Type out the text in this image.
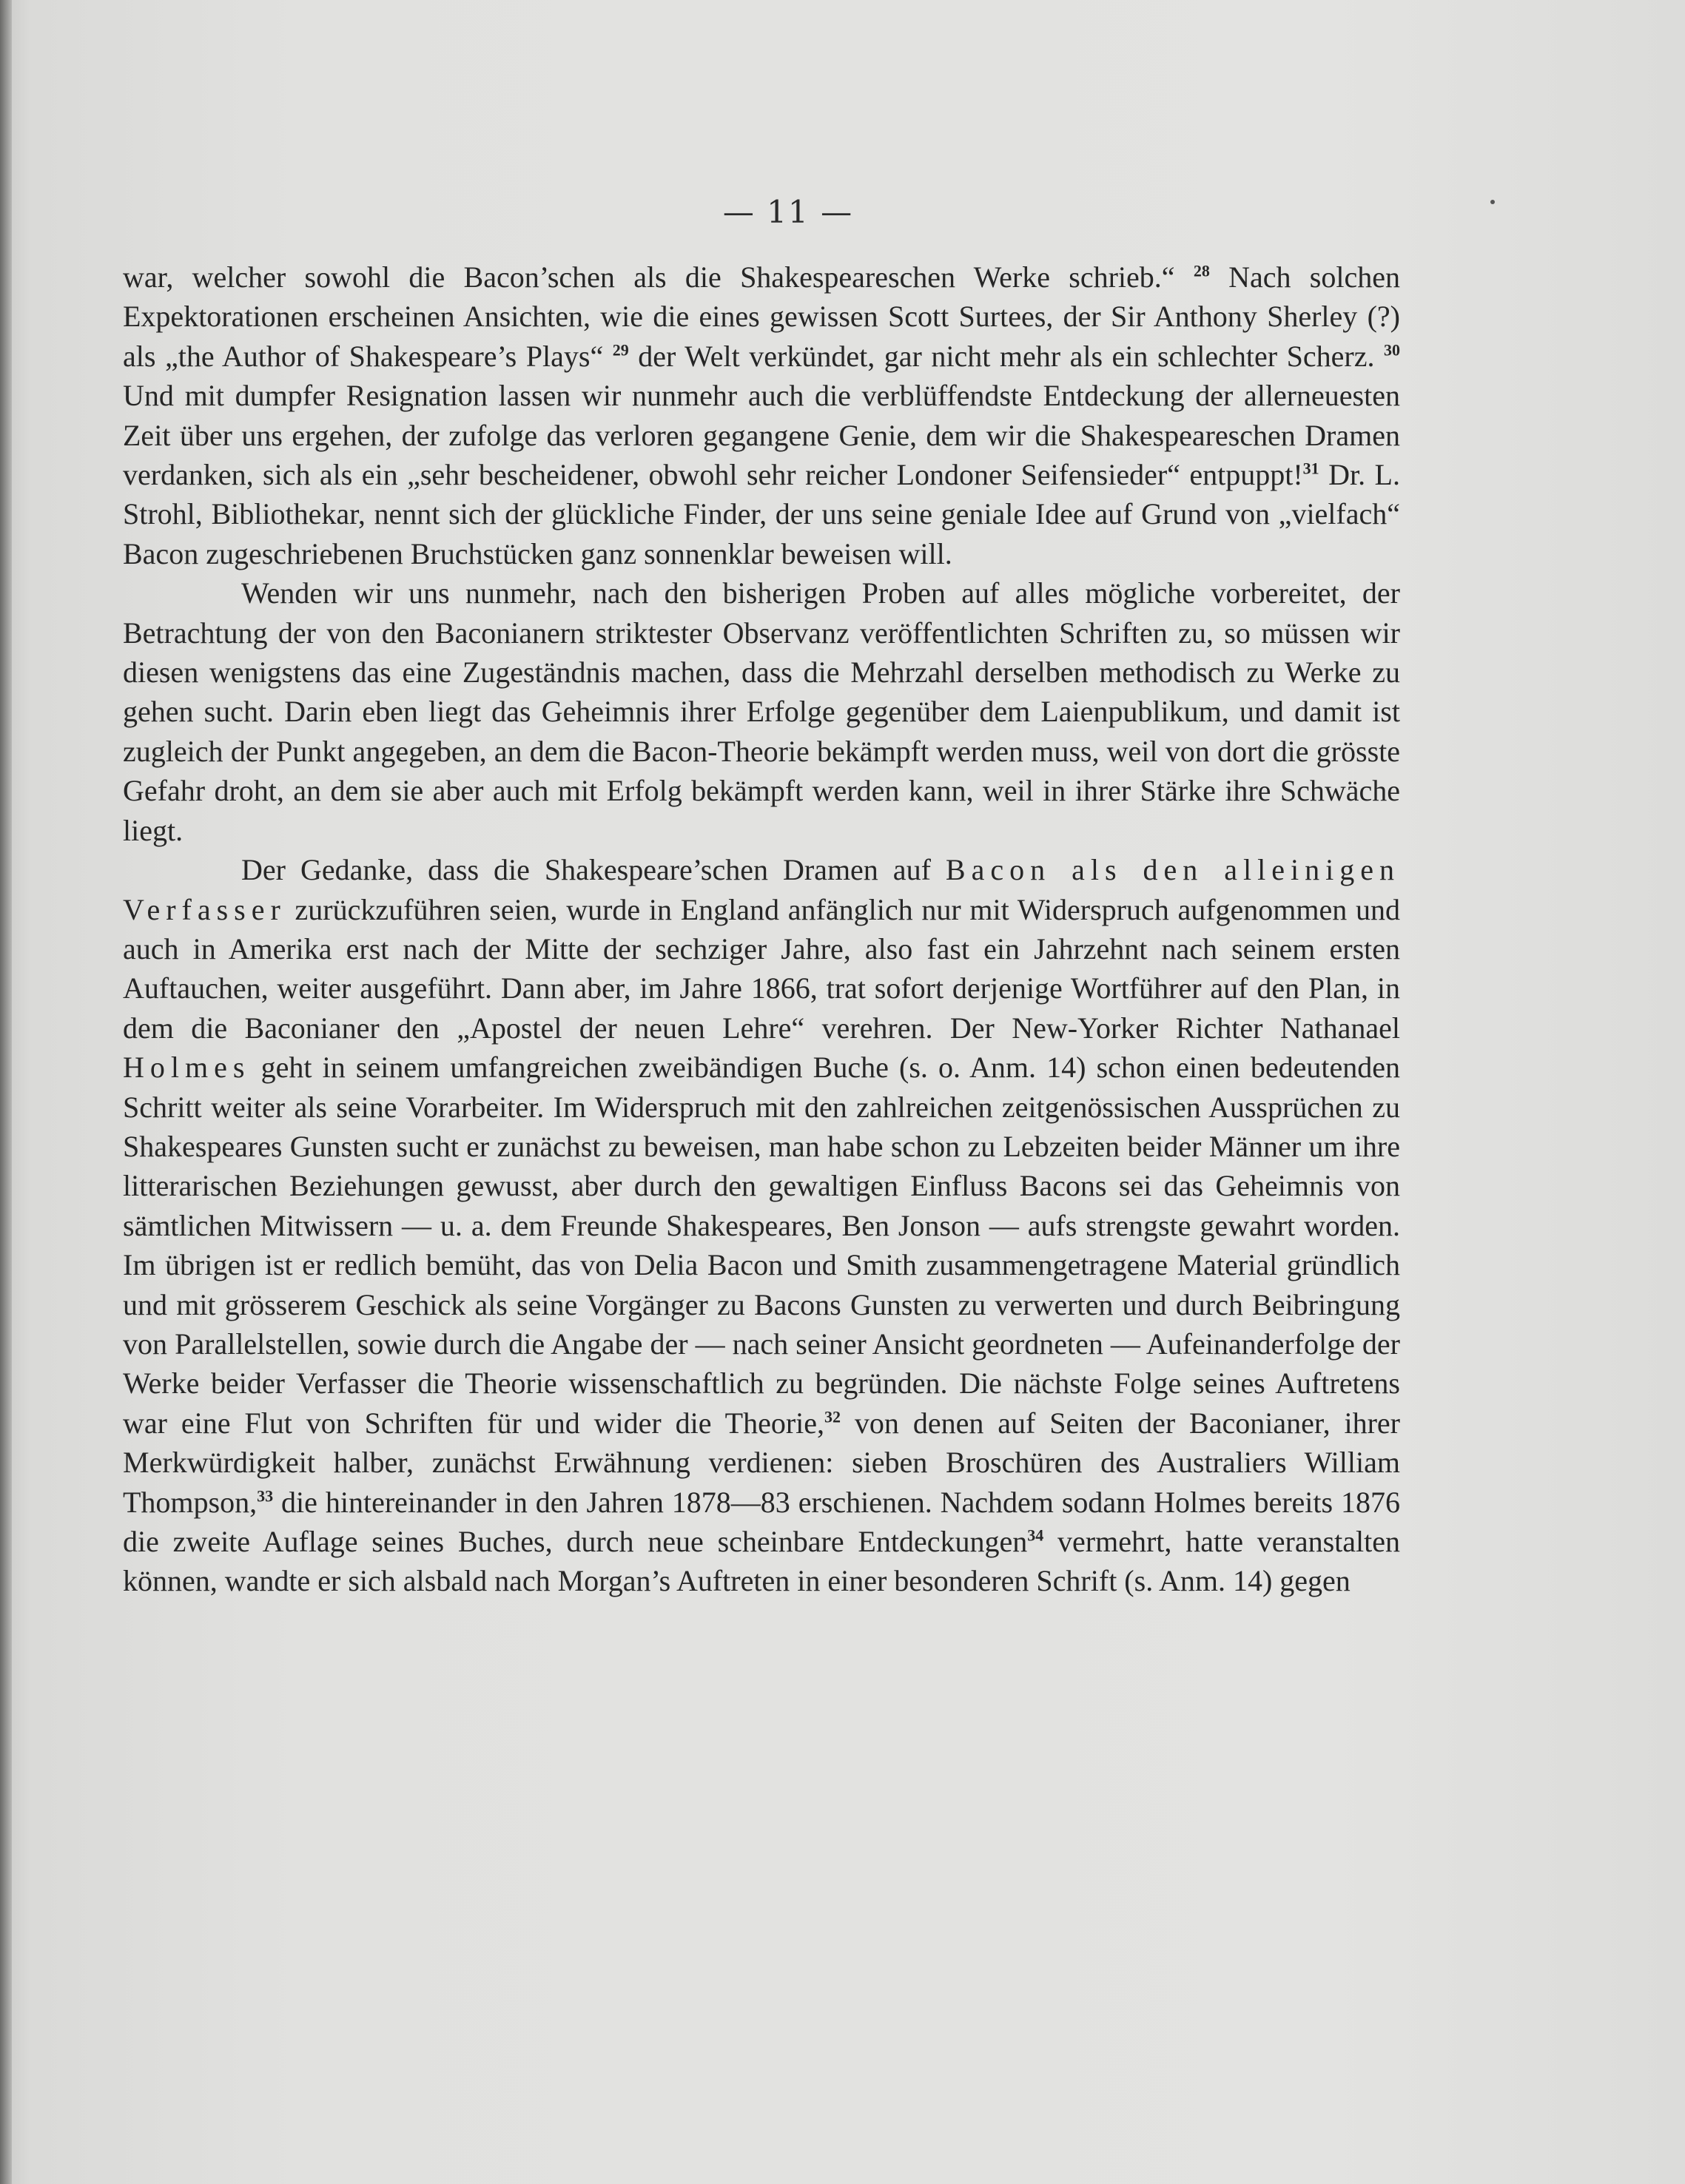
— 11 —

war, welcher sowohl die Bacon’schen als die Shakespeareschen Werke schrieb.“ $^{28}$ Nach solchen Expektorationen erscheinen Ansichten, wie die eines gewissen Scott Surtees, der Sir Anthony Sherley (?) als „the Author of Shakespeare’s Plays“ $^{29}$ der Welt verkündet, gar nicht mehr als ein schlechter Scherz. $^{30}$ Und mit dumpfer Resignation lassen wir nunmehr auch die verblüffendste Entdeckung der allerneuesten Zeit über uns ergehen, der zufolge das verloren gegangene Genie, dem wir die Shakespeareschen Dramen verdanken, sich als ein „sehr bescheidener, obwohl sehr reicher Londoner Seifensieder“ entpuppt!$^{31}$ Dr. L. Strohl, Bibliothekar, nennt sich der glückliche Finder, der uns seine geniale Idee auf Grund von „vielfach“ Bacon zugeschriebenen Bruchstücken ganz sonnenklar beweisen will.

Wenden wir uns nunmehr, nach den bisherigen Proben auf alles mögliche vorbereitet, der Betrachtung der von den Baconianern striktester Observanz veröffentlichten Schriften zu, so müssen wir diesen wenigstens das eine Zugeständnis machen, dass die Mehrzahl derselben methodisch zu Werke zu gehen sucht. Darin eben liegt das Geheimnis ihrer Erfolge gegenüber dem Laienpublikum, und damit ist zugleich der Punkt angegeben, an dem die Bacon-Theorie bekämpft werden muss, weil von dort die grösste Gefahr droht, an dem sie aber auch mit Erfolg bekämpft werden kann, weil in ihrer Stärke ihre Schwäche liegt.

Der Gedanke, dass die Shakespeare’schen Dramen auf Bacon als den alleinigen Verfasser zurückzuführen seien, wurde in England anfänglich nur mit Widerspruch aufgenommen und auch in Amerika erst nach der Mitte der sechziger Jahre, also fast ein Jahrzehnt nach seinem ersten Auftauchen, weiter ausgeführt. Dann aber, im Jahre 1866, trat sofort derjenige Wortführer auf den Plan, in dem die Baconianer den „Apostel der neuen Lehre“ verehren. Der New-Yorker Richter Nathanael Holmes geht in seinem umfangreichen zweibändigen Buche (s. o. Anm. 14) schon einen bedeutenden Schritt weiter als seine Vorarbeiter. Im Widerspruch mit den zahlreichen zeitgenössischen Aussprüchen zu Shakespeares Gunsten sucht er zunächst zu beweisen, man habe schon zu Lebzeiten beider Männer um ihre litterarischen Beziehungen gewusst, aber durch den gewaltigen Einfluss Bacons sei das Geheimnis von sämtlichen Mitwissern — u. a. dem Freunde Shakespeares, Ben Jonson — aufs strengste gewahrt worden. Im übrigen ist er redlich bemüht, das von Delia Bacon und Smith zusammengetragene Material gründlich und mit grösserem Geschick als seine Vorgänger zu Bacons Gunsten zu verwerten und durch Beibringung von Parallelstellen, sowie durch die Angabe der — nach seiner Ansicht geordneten — Aufeinanderfolge der Werke beider Verfasser die Theorie wissenschaftlich zu begründen. Die nächste Folge seines Auftretens war eine Flut von Schriften für und wider die Theorie,$^{32}$ von denen auf Seiten der Baconianer, ihrer Merkwürdigkeit halber, zunächst Erwähnung verdienen: sieben Broschüren des Australiers William Thompson,$^{33}$ die hintereinander in den Jahren 1878—83 erschienen. Nachdem sodann Holmes bereits 1876 die zweite Auflage seines Buches, durch neue scheinbare Entdeckungen$^{34}$ vermehrt, hatte veranstalten können, wandte er sich alsbald nach Morgan’s Auftreten in einer besonderen Schrift (s. Anm. 14) gegen
